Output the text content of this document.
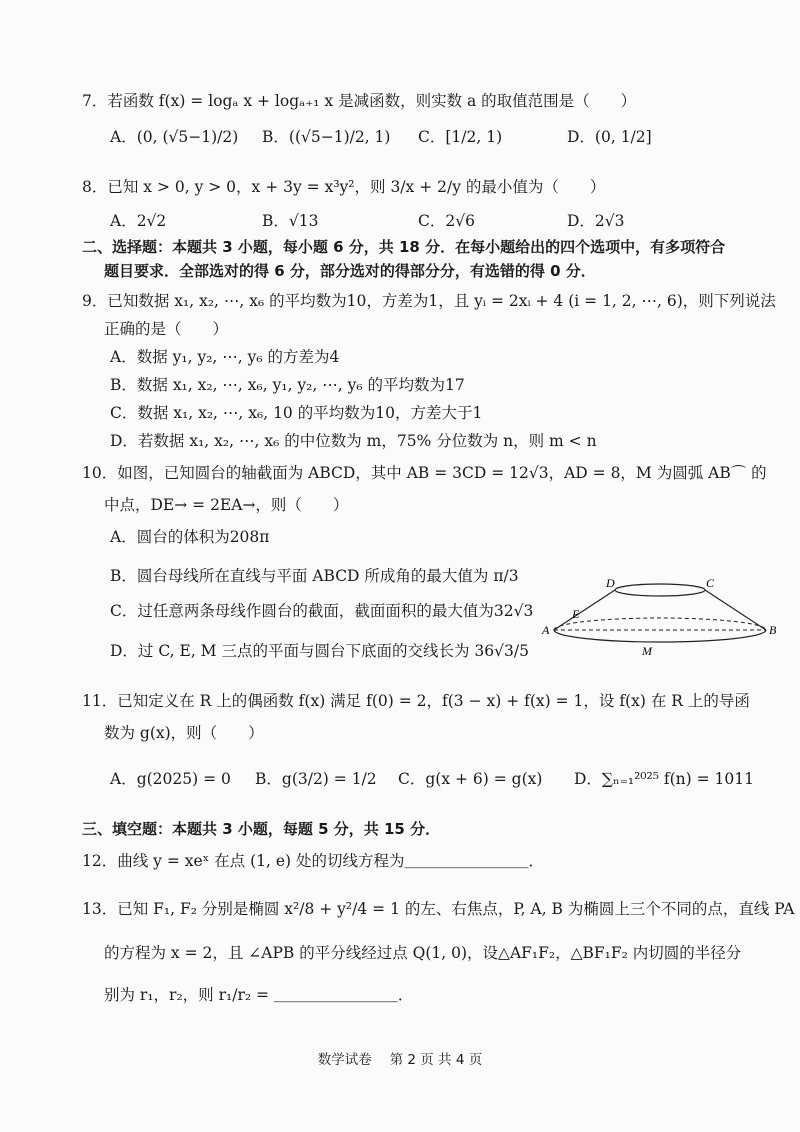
7．若函数 f(x) = logₐ x + logₐ₊₁ x 是减函数，则实数 a 的取值范围是（　　）
A．(0, (√5−1)/2) B．((√5−1)/2, 1) C．[1/2, 1)	D．(0, 1/2]
8．已知 x > 0, y > 0，x + 3y = x³y²，则 3/x + 2/y 的最小值为（　　）
A．2√2	B．√13	C．2√6	D．2√3
二、选择题：本题共 3 小题，每小题 6 分，共 18 分．在每小题给出的四个选项中，有多项符合
题目要求．全部选对的得 6 分，部分选对的得部分分，有选错的得 0 分．
9．已知数据 x₁, x₂, ⋯, x₆ 的平均数为10，方差为1，且 yᵢ = 2xᵢ + 4 (i = 1, 2, ⋯, 6)，则下列说法
正确的是（　　）
A．数据 y₁, y₂, ⋯, y₆ 的方差为4
B．数据 x₁, x₂, ⋯, x₆, y₁, y₂, ⋯, y₆ 的平均数为17
C．数据 x₁, x₂, ⋯, x₆, 10 的平均数为10，方差大于1
D．若数据 x₁, x₂, ⋯, x₆ 的中位数为 m，75% 分位数为 n，则 m < n
10．如图，已知圆台的轴截面为 ABCD，其中 AB = 3CD = 12√3，AD = 8，M 为圆弧 AB⌒ 的
中点，DE→ = 2EA→，则（　　）
A．圆台的体积为208π
B．圆台母线所在直线与平面 ABCD 所成角的最大值为 π/3
C．过任意两条母线作圆台的截面，截面面积的最大值为32√3
D．过 C, E, M 三点的平面与圆台下底面的交线长为 36√3/5
D	C
E
A	B
M
11．已知定义在 R 上的偶函数 f(x) 满足 f(0) = 2，f(3 − x) + f(x) = 1，设 f(x) 在 R 上的导函
数为 g(x)，则（　　）
A．g(2025) = 0 B．g(3/2) = 1/2 C．g(x + 6) = g(x) D．∑ₙ₌₁²⁰²⁵ f(n) = 1011
三、填空题：本题共 3 小题，每题 5 分，共 15 分．
12．曲线 y = xeˣ 在点 (1, e) 处的切线方程为＿＿＿＿＿＿＿＿．
13．已知 F₁, F₂ 分别是椭圆 x²/8 + y²/4 = 1 的左、右焦点，P, A, B 为椭圆上三个不同的点，直线 PA
的方程为 x = 2，且 ∠APB 的平分线经过点 Q(1, 0)，设△AF₁F₂，△BF₁F₂ 内切圆的半径分
别为 r₁，r₂，则 r₁/r₂ = ＿＿＿＿＿＿＿＿．
数学试卷　 第 2 页 共 4 页
